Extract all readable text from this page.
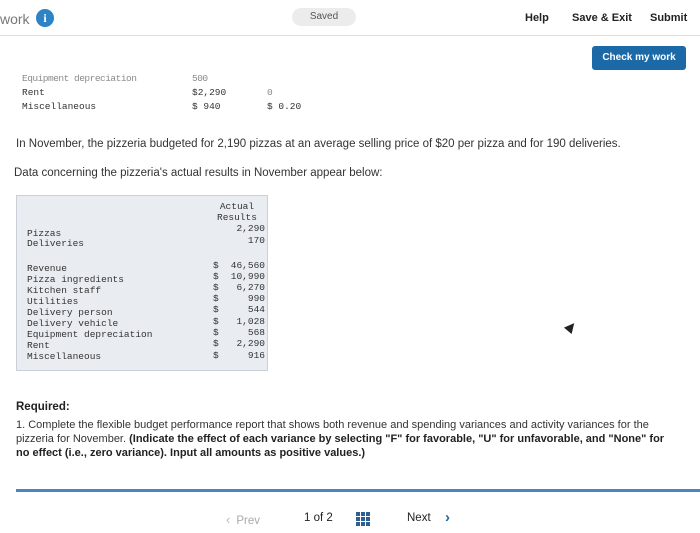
work	i	Saved	Help Save & Exit Submit
Check my work
Equipment depreciation	500
Rent	$2,290	0
Miscellaneous	$ 940	$ 0.20

In November, the pizzeria budgeted for 2,190 pizzas at an average selling price of $20 per pizza and for 190 deliveries.

Data concerning the pizzeria's actual results in November appear below:

Actual
Results
Pizzas	2,290
Deliveries	170
Revenue	$	46,560
Pizza ingredients	$	10,990
Kitchen staff	$	6,270
Utilities	$	990
Delivery person	$	544
Delivery vehicle	$	1,028
Equipment depreciation	$	568
Rent	$	2,290
Miscellaneous	$	916
Required:

1. Complete the flexible budget performance report that shows both revenue and spending variances and activity variances for the pizzeria for November. (Indicate the effect of each variance by selecting "F" for favorable, "U" for unfavorable, and "None" for no effect (i.e., zero variance). Input all amounts as positive values.)

‹ Prev	1 of 2	Next ›
